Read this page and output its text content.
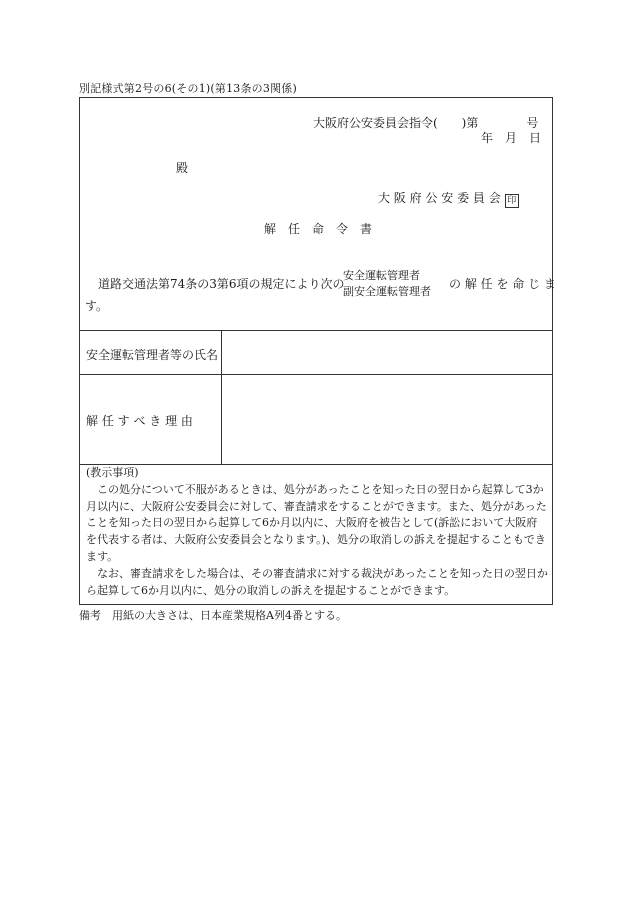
別記様式第2号の6(その1)(第13条の3関係)
大阪府公安委員会指令(　　)第　　　　号
年　月　日
殿
大 阪 府 公 安 委 員 会 印
解　任　命　令　書
道路交通法第74条の3第6項の規定により次の
安全運転管理者
副安全運転管理者
の 解 任 を 命 じ ま
す。
安全運転管理者等の氏名
解 任 す べ き 理 由

(教示事項)

この処分について不服があるときは、処分があったことを知った日の翌日から起算して3か月以内に、大阪府公安委員会に対して、審査請求をすることができます。また、処分があったことを知った日の翌日から起算して6か月以内に、大阪府を被告として(訴訟において大阪府を代表する者は、大阪府公安委員会となります。)、処分の取消しの訴えを提起することもできます。

なお、審査請求をした場合は、その審査請求に対する裁決があったことを知った日の翌日から起算して6か月以内に、処分の取消しの訴えを提起することができます。

備考　用紙の大きさは、日本産業規格A列4番とする。
